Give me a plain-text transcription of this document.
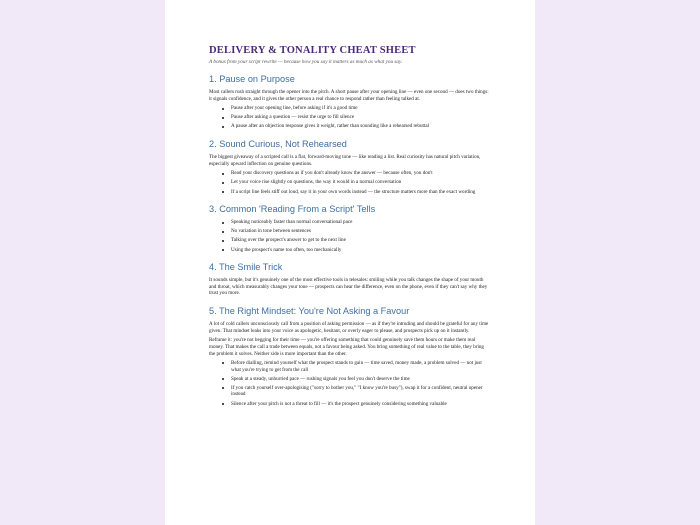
DELIVERY & TONALITY CHEAT SHEET
A bonus from your script rewrite — because how you say it matters as much as what you say.
1. Pause on Purpose

Most callers rush straight through the opener into the pitch. A short pause after your opening line — even one second — does two things: it signals confidence, and it gives the other person a real chance to respond rather than feeling talked at.

Pause after your opening line, before asking if it's a good time
Pause after asking a question — resist the urge to fill silence
A pause after an objection response gives it weight, rather than sounding like a rehearsed rebuttal
2. Sound Curious, Not Rehearsed

The biggest giveaway of a scripted call is a flat, forward-moving tone — like reading a list. Real curiosity has natural pitch variation, especially upward inflection on genuine questions.

Read your discovery questions as if you don't already know the answer — because often, you don't
Let your voice rise slightly on questions, the way it would in a normal conversation
If a script line feels stiff out loud, say it in your own words instead — the structure matters more than the exact wording
3. Common 'Reading From a Script' Tells
Speaking noticeably faster than normal conversational pace
No variation in tone between sentences
Talking over the prospect's answer to get to the next line
Using the prospect's name too often, too mechanically
4. The Smile Trick

It sounds simple, but it's genuinely one of the most effective tools in telesales: smiling while you talk changes the shape of your mouth and throat, which measurably changes your tone — prospects can hear the difference, even on the phone, even if they can't say why they trust you more.

5. The Right Mindset: You're Not Asking a Favour

A lot of cold callers unconsciously call from a position of asking permission — as if they're intruding and should be grateful for any time given. That mindset leaks into your voice as apologetic, hesitant, or overly eager to please, and prospects pick up on it instantly.

Reframe it: you're not begging for their time — you're offering something that could genuinely save them hours or make them real money. That makes the call a trade between equals, not a favour being asked. You bring something of real value to the table, they bring the problem it solves. Neither side is more important than the other.

Before dialling, remind yourself what the prospect stands to gain — time saved, money made, a problem solved — not just what you're trying to get from the call
Speak at a steady, unhurried pace — rushing signals you feel you don't deserve the time
If you catch yourself over-apologising ("sorry to bother you," "I know you're busy"), swap it for a confident, neutral opener instead
Silence after your pitch is not a threat to fill — it's the prospect genuinely considering something valuable
